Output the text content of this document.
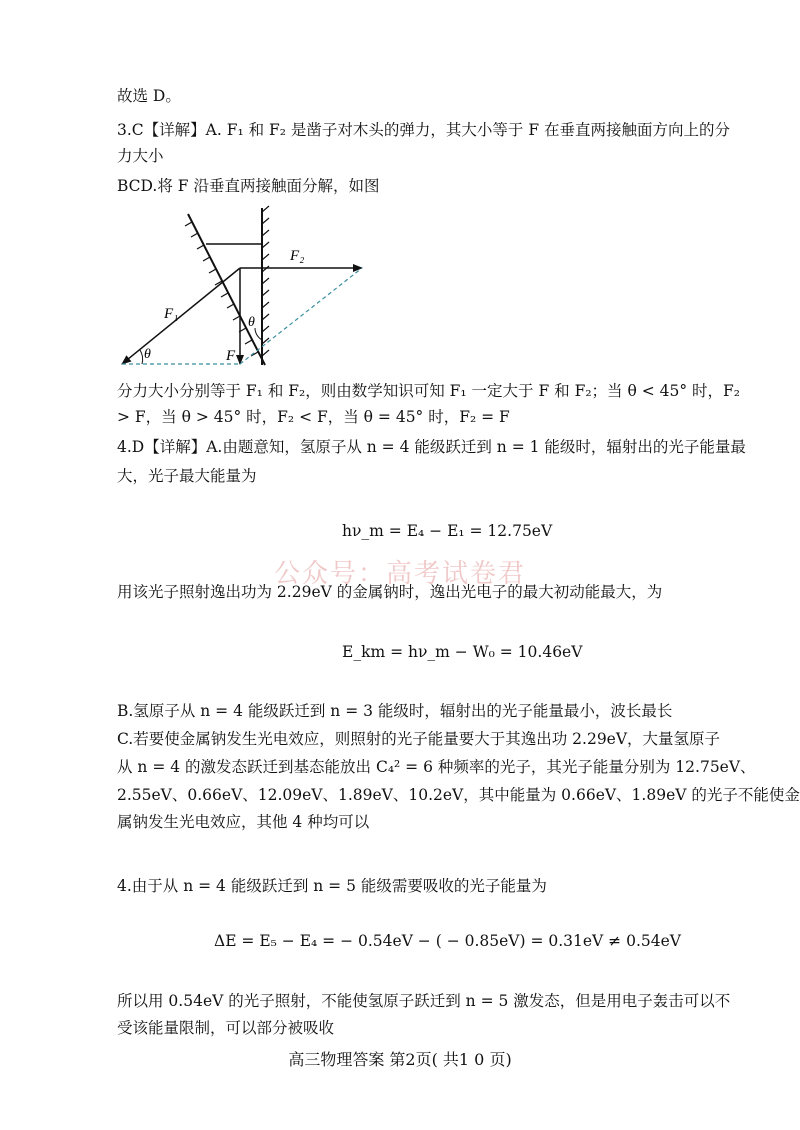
故选 D。
3.C【详解】A. F₁ 和 F₂ 是凿子对木头的弹力，其大小等于 F 在垂直两接触面方向上的分
力大小
BCD.将 F 沿垂直两接触面分解，如图
F₂
F₁
F
θ
θ
分力大小分别等于 F₁ 和 F₂，则由数学知识可知 F₁ 一定大于 F 和 F₂；当 θ < 45° 时，F₂
> F，当 θ > 45° 时，F₂ < F，当 θ = 45° 时，F₂ = F
4.D【详解】A.由题意知，氢原子从 n = 4 能级跃迁到 n = 1 能级时，辐射出的光子能量最
大，光子最大能量为
hν_m = E₄ − E₁ = 12.75eV
公众号：高考试卷君
用该光子照射逸出功为 2.29eV 的金属钠时，逸出光电子的最大初动能最大，为
E_km = hν_m − W₀ = 10.46eV
B.氢原子从 n = 4 能级跃迁到 n = 3 能级时，辐射出的光子能量最小，波长最长
C.若要使金属钠发生光电效应，则照射的光子能量要大于其逸出功 2.29eV，大量氢原子
从 n = 4 的激发态跃迁到基态能放出 C₄² = 6 种频率的光子，其光子能量分别为 12.75eV、
2.55eV、0.66eV、12.09eV、1.89eV、10.2eV，其中能量为 0.66eV、1.89eV 的光子不能使金
属钠发生光电效应，其他 4 种均可以
4.由于从 n = 4 能级跃迁到 n = 5 能级需要吸收的光子能量为
ΔE = E₅ − E₄ = − 0.54eV − ( − 0.85eV) = 0.31eV ≠ 0.54eV
所以用 0.54eV 的光子照射，不能使氢原子跃迁到 n = 5 激发态，但是用电子轰击可以不
受该能量限制，可以部分被吸收
高三物理答案 第2页( 共1 0 页)
